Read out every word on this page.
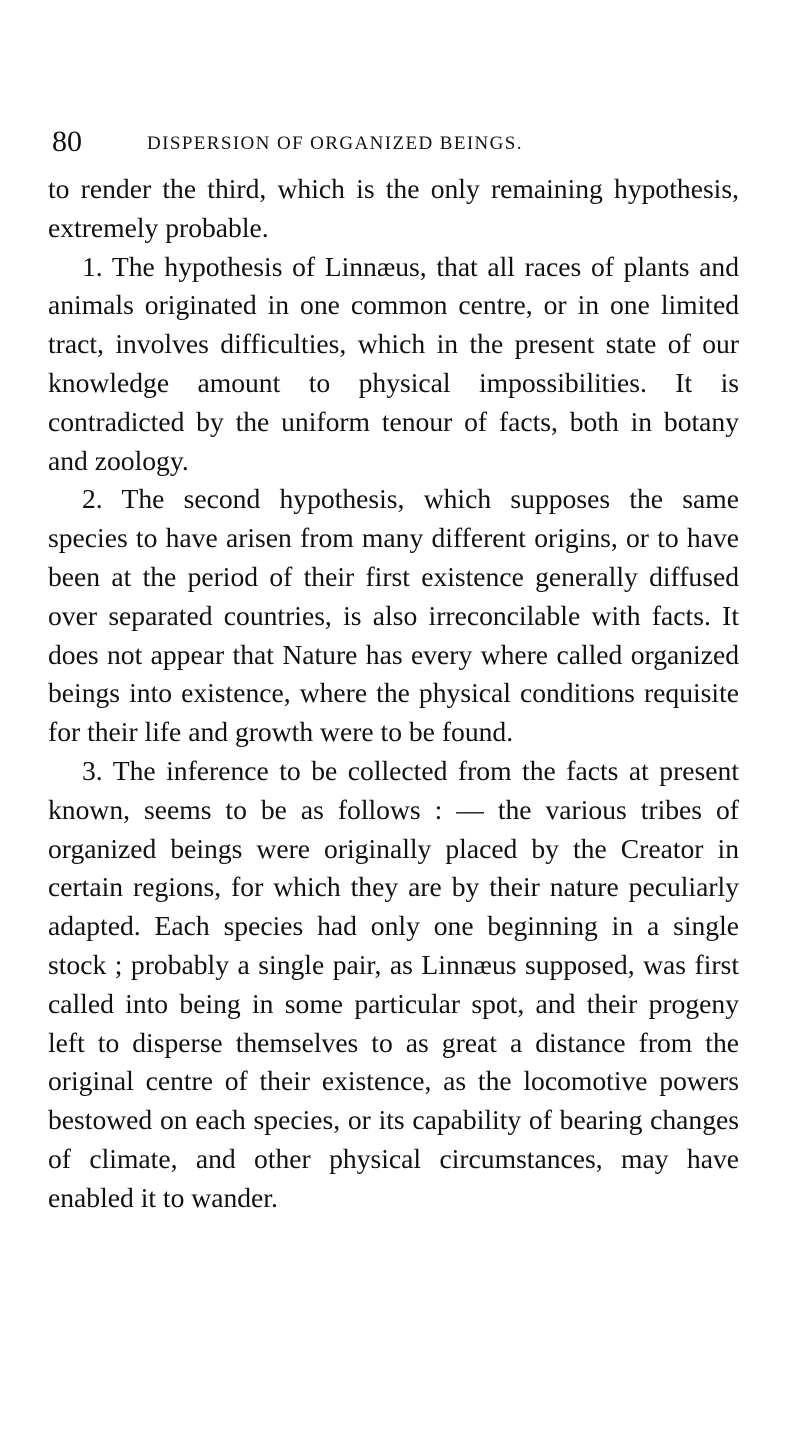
80	DISPERSION OF ORGANIZED BEINGS.

to render the third, which is the only remaining hypothesis, extremely probable.

1. The hypothesis of Linnæus, that all races of plants and animals originated in one common centre, or in one limited tract, involves difficulties, which in the present state of our knowledge amount to physical impossibilities. It is contradicted by the uniform tenour of facts, both in botany and zoology.

2. The second hypothesis, which supposes the same species to have arisen from many different origins, or to have been at the period of their first existence generally diffused over separated countries, is also irreconcilable with facts. It does not appear that Nature has every where called organized beings into existence, where the physical conditions requisite for their life and growth were to be found.

3. The inference to be collected from the facts at present known, seems to be as follows : — the various tribes of organized beings were originally placed by the Creator in certain regions, for which they are by their nature peculiarly adapted. Each species had only one beginning in a single stock ; probably a single pair, as Linnæus supposed, was first called into being in some particular spot, and their progeny left to disperse themselves to as great a distance from the original centre of their existence, as the locomotive powers bestowed on each species, or its capability of bearing changes of climate, and other physical circumstances, may have enabled it to wander.
